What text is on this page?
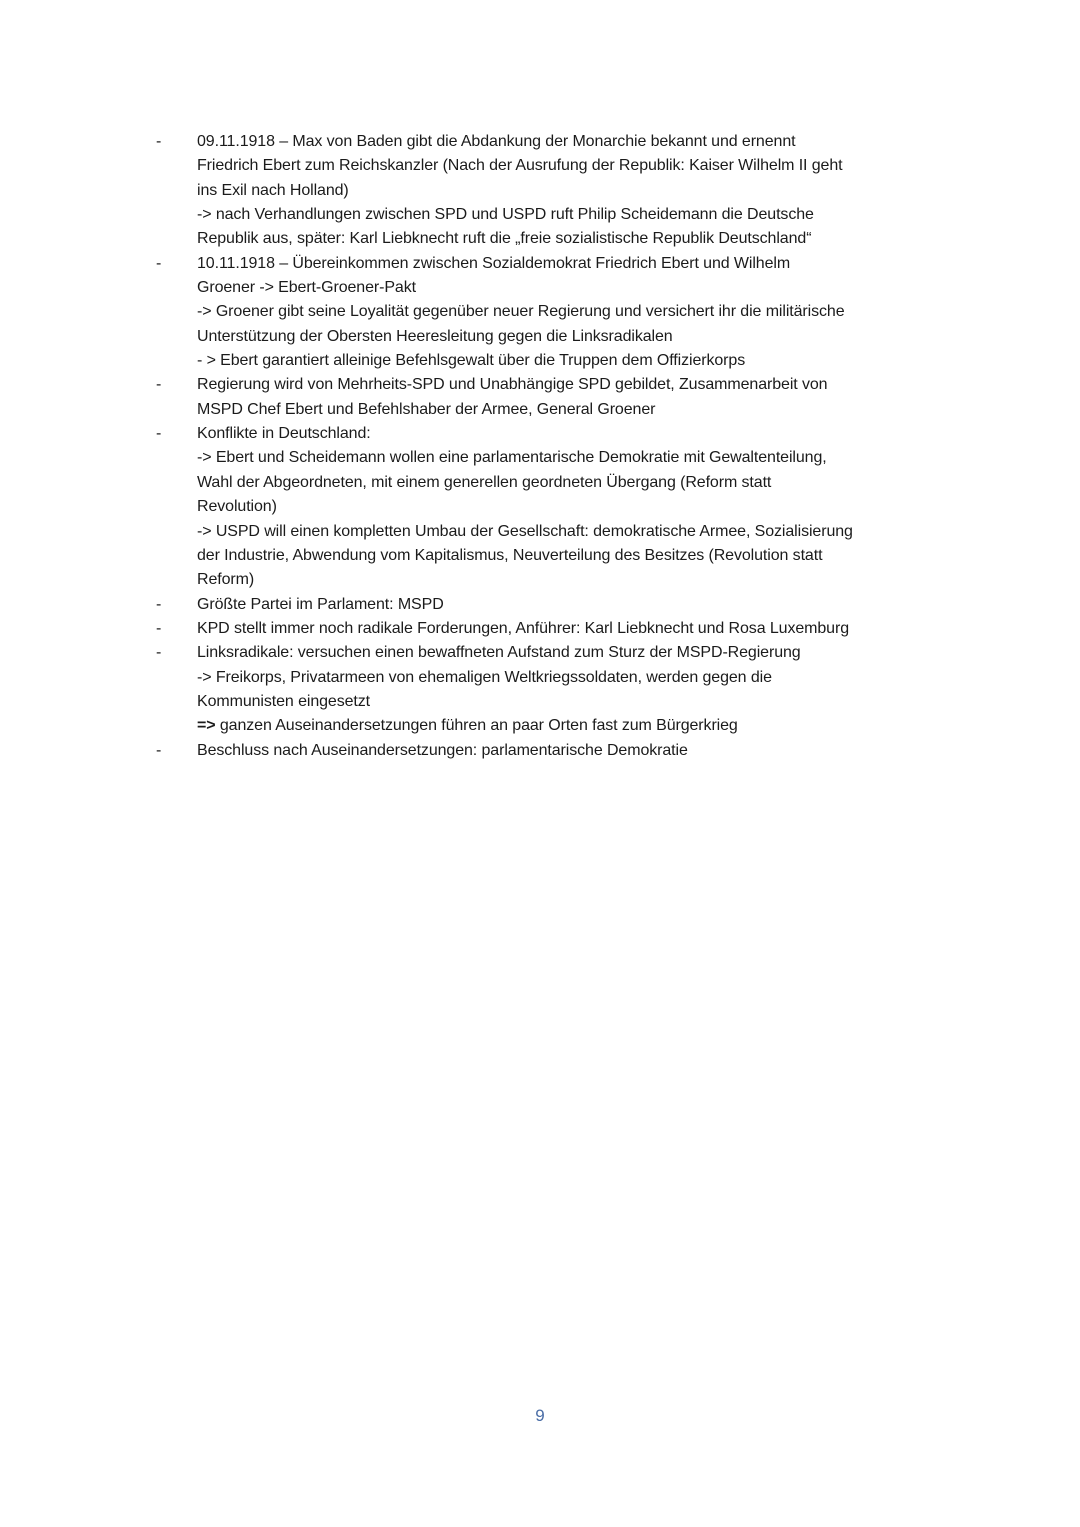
-	09.11.1918 – Max von Baden gibt die Abdankung der Monarchie bekannt und ernennt
Friedrich Ebert zum Reichskanzler (Nach der Ausrufung der Republik: Kaiser Wilhelm II geht
ins Exil nach Holland)
-> nach Verhandlungen zwischen SPD und USPD ruft Philip Scheidemann die Deutsche
Republik aus, später: Karl Liebknecht ruft die „freie sozialistische Republik Deutschland“
-	10.11.1918 – Übereinkommen zwischen Sozialdemokrat Friedrich Ebert und Wilhelm
Groener -> Ebert-Groener-Pakt
-> Groener gibt seine Loyalität gegenüber neuer Regierung und versichert ihr die militärische
Unterstützung der Obersten Heeresleitung gegen die Linksradikalen
- > Ebert garantiert alleinige Befehlsgewalt über die Truppen dem Offizierkorps
-	Regierung wird von Mehrheits-SPD und Unabhängige SPD gebildet, Zusammenarbeit von
MSPD Chef Ebert und Befehlshaber der Armee, General Groener
-	Konflikte in Deutschland:
-> Ebert und Scheidemann wollen eine parlamentarische Demokratie mit Gewaltenteilung,
Wahl der Abgeordneten, mit einem generellen geordneten Übergang (Reform statt
Revolution)
-> USPD will einen kompletten Umbau der Gesellschaft: demokratische Armee, Sozialisierung
der Industrie, Abwendung vom Kapitalismus, Neuverteilung des Besitzes (Revolution statt
Reform)
-	Größte Partei im Parlament: MSPD
-	KPD stellt immer noch radikale Forderungen, Anführer: Karl Liebknecht und Rosa Luxemburg
-	Linksradikale: versuchen einen bewaffneten Aufstand zum Sturz der MSPD-Regierung
-> Freikorps, Privatarmeen von ehemaligen Weltkriegssoldaten, werden gegen die
Kommunisten eingesetzt
=> ganzen Auseinandersetzungen führen an paar Orten fast zum Bürgerkrieg
-	Beschluss nach Auseinandersetzungen: parlamentarische Demokratie
9
